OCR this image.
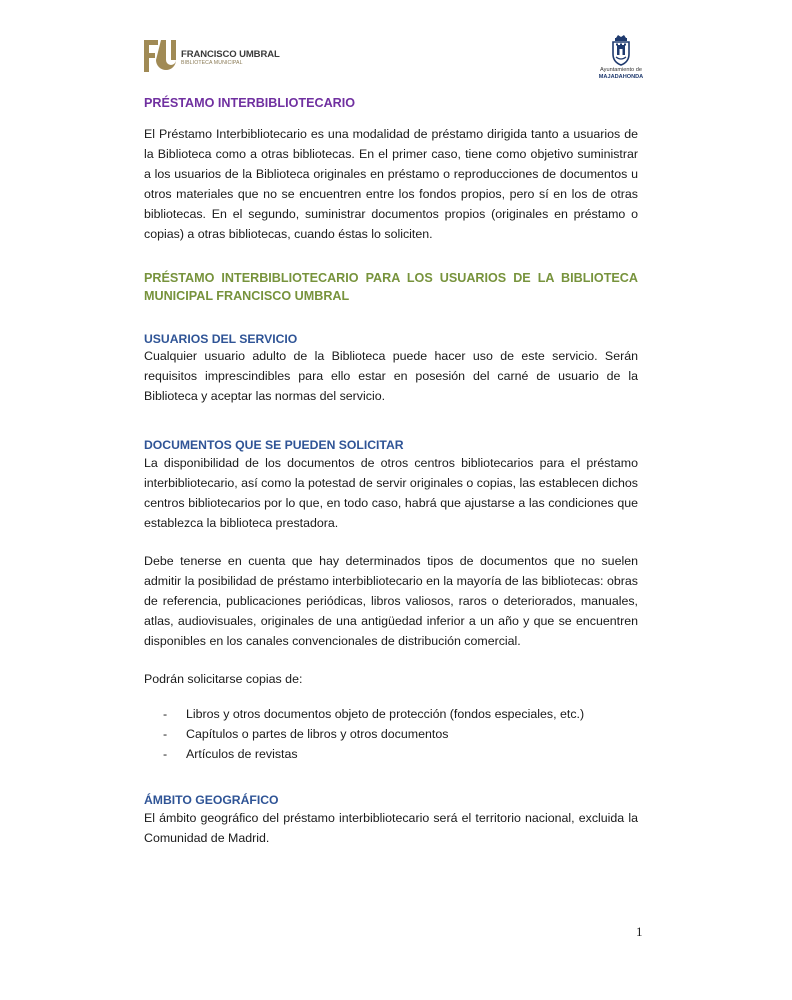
FRANCISCO UMBRAL
BIBLIOTECA MUNICIPAL
Ayuntamiento de
MAJADAHONDA
PRÉSTAMO INTERBIBLIOTECARIO

El Préstamo Interbibliotecario es una modalidad de préstamo dirigida tanto a usuarios de la Biblioteca como a otras bibliotecas. En el primer caso, tiene como objetivo suministrar a los usuarios de la Biblioteca originales en préstamo o reproducciones de documentos u otros materiales que no se encuentren entre los fondos propios, pero sí en los de otras bibliotecas. En el segundo, suministrar documentos propios (originales en préstamo o copias) a otras bibliotecas, cuando éstas lo soliciten.

PRÉSTAMO INTERBIBLIOTECARIO PARA LOS USUARIOS DE LA BIBLIOTECA MUNICIPAL FRANCISCO UMBRAL
USUARIOS DEL SERVICIO

Cualquier usuario adulto de la Biblioteca puede hacer uso de este servicio. Serán requisitos imprescindibles para ello estar en posesión del carné de usuario de la Biblioteca y aceptar las normas del servicio.

DOCUMENTOS QUE SE PUEDEN SOLICITAR

La disponibilidad de los documentos de otros centros bibliotecarios para el préstamo interbibliotecario, así como la potestad de servir originales o copias, las establecen dichos centros bibliotecarios por lo que, en todo caso, habrá que ajustarse a las condiciones que establezca la biblioteca prestadora.

Debe tenerse en cuenta que hay determinados tipos de documentos que no suelen admitir la posibilidad de préstamo interbibliotecario en la mayoría de las bibliotecas: obras de referencia, publicaciones periódicas, libros valiosos, raros o deteriorados, manuales, atlas, audiovisuales, originales de una antigüedad inferior a un año y que se encuentren disponibles en los canales convencionales de distribución comercial.

Podrán solicitarse copias de:

- Libros y otros documentos objeto de protección (fondos especiales, etc.)
- Capítulos o partes de libros y otros documentos
- Artículos de revistas
ÁMBITO GEOGRÁFICO

El ámbito geográfico del préstamo interbibliotecario será el territorio nacional, excluida la Comunidad de Madrid.

1
